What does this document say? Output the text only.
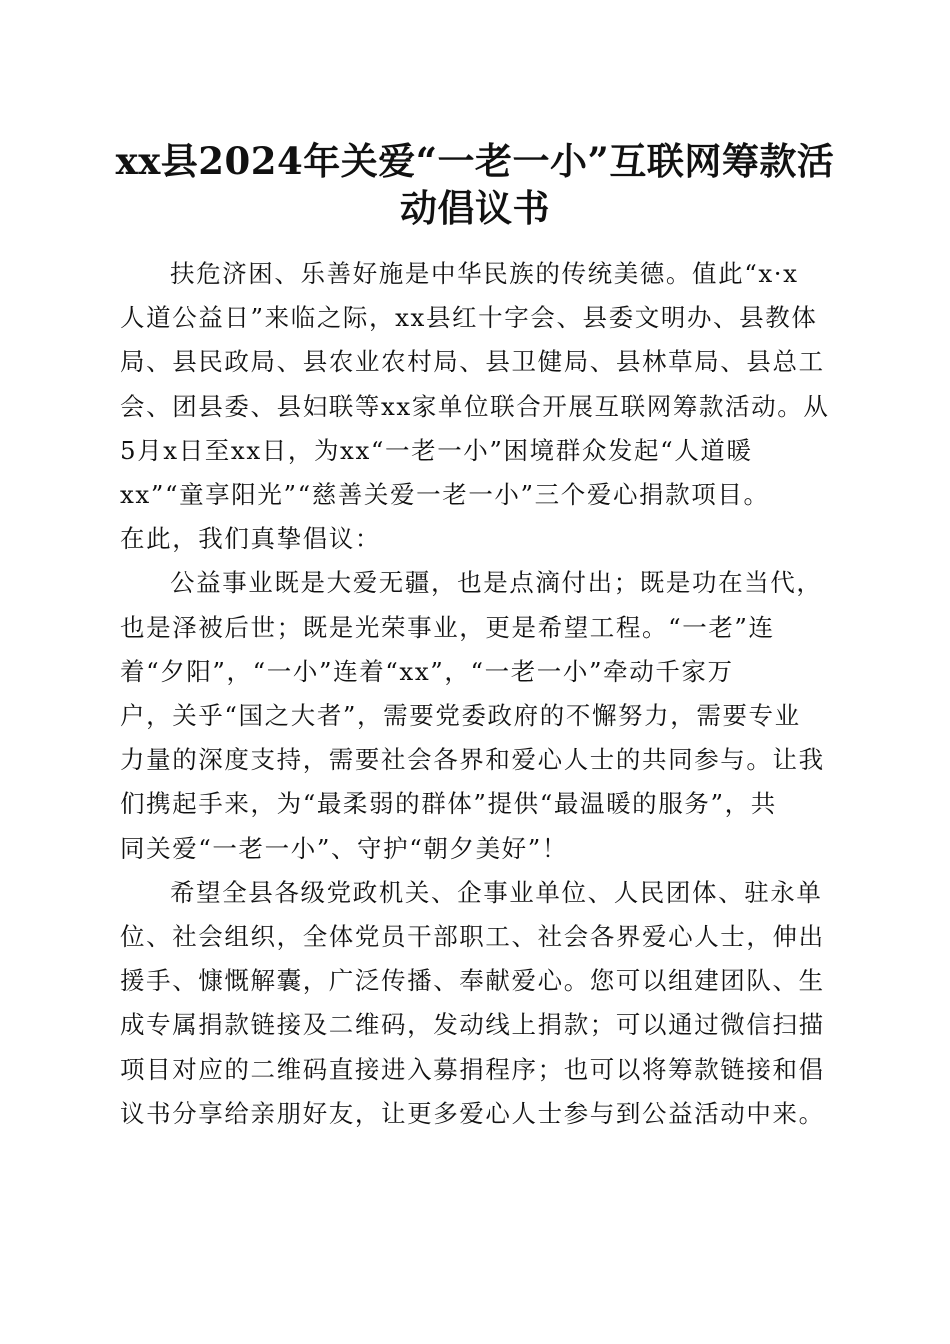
xx县2024年关爱“一老一小”互联网筹款活
动倡议书

扶危济困、乐善好施是中华民族的传统美德。值此“x·x
人道公益日”来临之际，xx县红十字会、县委文明办、县教体
局、县民政局、县农业农村局、县卫健局、县林草局、县总工
会、团县委、县妇联等xx家单位联合开展互联网筹款活动。从
5月x日至xx日，为xx“一老一小”困境群众发起“人道暖
xx”“童享阳光”“慈善关爱一老一小”三个爱心捐款项目。
在此，我们真挚倡议：

公益事业既是大爱无疆，也是点滴付出；既是功在当代，
也是泽被后世；既是光荣事业，更是希望工程。“一老”连
着“夕阳”，“一小”连着“xx”，“一老一小”牵动千家万
户，关乎“国之大者”，需要党委政府的不懈努力，需要专业
力量的深度支持，需要社会各界和爱心人士的共同参与。让我
们携起手来，为“最柔弱的群体”提供“最温暖的服务”，共
同关爱“一老一小”、守护“朝夕美好”！

希望全县各级党政机关、企事业单位、人民团体、驻永单
位、社会组织，全体党员干部职工、社会各界爱心人士，伸出
援手、慷慨解囊，广泛传播、奉献爱心。您可以组建团队、生
成专属捐款链接及二维码，发动线上捐款；可以通过微信扫描
项目对应的二维码直接进入募捐程序；也可以将筹款链接和倡
议书分享给亲朋好友，让更多爱心人士参与到公益活动中来。
